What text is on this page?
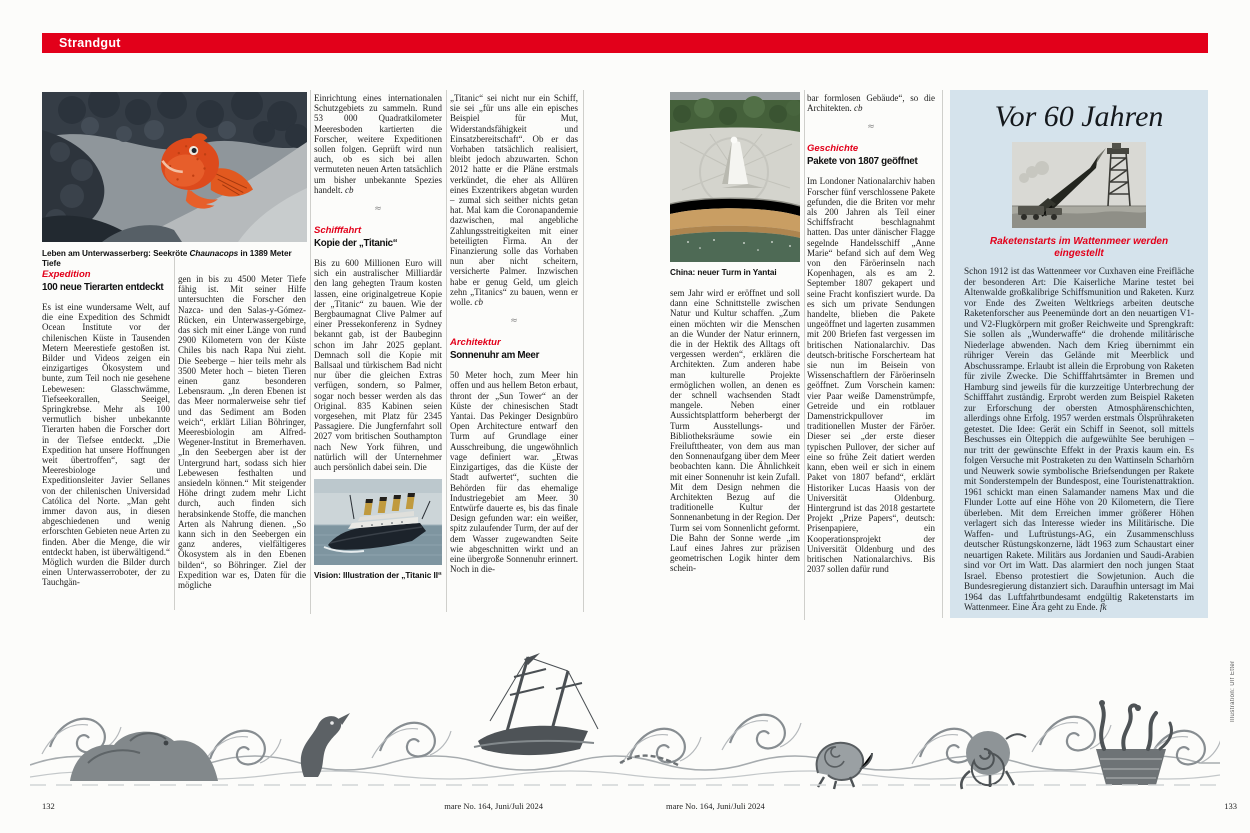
Strandgut
Leben am Unterwasserberg: Seekröte Chaunacops in 1389 Meter Tiefe
Expedition
100 neue Tierarten entdeckt
Es ist eine wundersame Welt, auf die eine Expedition des Schmidt Ocean Institute vor der chilenischen Küste in Tausenden Metern Meerestiefe gestoßen ist. Bilder und Videos zeigen ein einzigartiges Ökosystem und bunte, zum Teil noch nie gesehene Lebewesen: Glasschwämme, Tiefseekorallen, Seeigel, Springkrebse. Mehr als 100 vermutlich bisher unbekannte Tierarten haben die Forscher dort in der Tiefsee entdeckt. „Die Expedition hat unsere Hoffnungen weit übertroffen“, sagt der Meeresbiologe und Expeditionsleiter Javier Sellanes von der chilenischen Universidad Católica del Norte. „Man geht immer davon aus, in diesen abgeschiedenen und wenig erforschten Gebieten neue Arten zu finden. Aber die Menge, die wir entdeckt haben, ist überwältigend.“ Möglich wurden die Bilder durch einen Unterwasserroboter, der zu Tauchgän-
gen in bis zu 4500 Meter Tiefe fähig ist. Mit seiner Hilfe untersuchten die Forscher den Nazca- und den Salas-y-Gómez-Rücken, ein Unterwassergebirge, das sich mit einer Länge von rund 2900 Kilometern von der Küste Chiles bis nach Rapa Nui zieht. Die Seeberge – hier teils mehr als 3500 Meter hoch – bieten Tieren einen ganz besonderen Lebensraum. „In deren Ebenen ist das Meer normalerweise sehr tief und das Sediment am Boden weich“, erklärt Lilian Böhringer, Meeresbiologin am Alfred-Wegener-Institut in Bremerhaven. „In den Seebergen aber ist der Untergrund hart, sodass sich hier Lebewesen festhalten und ansiedeln können.“ Mit steigender Höhe dringt zudem mehr Licht durch, auch finden sich herabsinkende Stoffe, die manchen Arten als Nahrung dienen. „So kann sich in den Seebergen ein ganz anderes, vielfältigeres Ökosystem als in den Ebenen bilden“, so Böhringer. Ziel der Expedition war es, Daten für die mögliche
Einrichtung eines internationalen Schutzgebiets zu sammeln. Rund 53 000 Quadratkilometer Meeresboden kartierten die Forscher, weitere Expeditionen sollen folgen. Geprüft wird nun auch, ob es sich bei allen vermuteten neuen Arten tatsächlich um bisher unbekannte Spezies handelt. cb
≈
Schifffahrt
Kopie der „Titanic“
Bis zu 600 Millionen Euro will sich ein australischer Milliardär den lang gehegten Traum kosten lassen, eine originalgetreue Kopie der „Titanic“ zu bauen. Wie der Bergbaumagnat Clive Palmer auf einer Pressekonferenz in Sydney bekannt gab, ist der Baubeginn schon im Jahr 2025 geplant. Demnach soll die Kopie mit Ballsaal und türkischem Bad nicht nur über die gleichen Extras verfügen, sondern, so Palmer, sogar noch besser werden als das Original. 835 Kabinen seien vorgesehen, mit Platz für 2345 Passagiere. Die Jungfernfahrt soll 2027 vom britischen Southampton nach New York führen, und natürlich will der Unternehmer auch persönlich dabei sein. Die
Vision: Illustration der „Titanic II“
„Titanic“ sei nicht nur ein Schiff, sie sei „für uns alle ein episches Beispiel für Mut, Widerstandsfähigkeit und Einsatzbereitschaft“. Ob er das Vorhaben tatsächlich realisiert, bleibt jedoch abzuwarten. Schon 2012 hatte er die Pläne erstmals verkündet, die eher als Allüren eines Exzentrikers abgetan wurden – zumal sich seither nichts getan hat. Mal kam die Coronapandemie dazwischen, mal angebliche Zahlungsstreitigkeiten mit einer beteiligten Firma. An der Finanzierung solle das Vorhaben nun aber nicht scheitern, versicherte Palmer. Inzwischen habe er genug Geld, um gleich zehn „Titanics“ zu bauen, wenn er wolle. cb
≈
Architektur
Sonnenuhr am Meer
50 Meter hoch, zum Meer hin offen und aus hellem Beton erbaut, thront der „Sun Tower“ an der Küste der chinesischen Stadt Yantai. Das Pekinger Designbüro Open Architecture entwarf den Turm auf Grundlage einer Ausschreibung, die ungewöhnlich vage definiert war. „Etwas Einzigartiges, das die Küste der Stadt aufwertet“, suchten die Behörden für das ehemalige Industriegebiet am Meer. 30 Entwürfe dauerte es, bis das finale Design gefunden war: ein weißer, spitz zulaufender Turm, der auf der dem Wasser zugewandten Seite wie abgeschnitten wirkt und an eine übergroße Sonnenuhr erinnert. Noch in die-
China: neuer Turm in Yantai
sem Jahr wird er eröffnet und soll dann eine Schnittstelle zwischen Natur und Kultur schaffen. „Zum einen möchten wir die Menschen an die Wunder der Natur erinnern, die in der Hektik des Alltags oft vergessen werden“, erklären die Architekten. Zum anderen habe man kulturelle Projekte ermöglichen wollen, an denen es der schnell wachsenden Stadt mangele. Neben einer Aussichtsplattform beherbergt der Turm Ausstellungs- und Bibliotheksräume sowie ein Freilufttheater, von dem aus man den Sonnenaufgang über dem Meer beobachten kann. Die Ähnlichkeit mit einer Sonnenuhr ist kein Zufall. Mit dem Design nehmen die Architekten Bezug auf die traditionelle Kultur der Sonnenanbetung in der Region. Der Turm sei vom Sonnenlicht geformt. Die Bahn der Sonne werde „im Lauf eines Jahres zur präzisen geometrischen Logik hinter dem schein-
bar formlosen Gebäude“, so die Architekten. cb
≈
Geschichte
Pakete von 1807 geöffnet
Im Londoner Nationalarchiv haben Forscher fünf verschlossene Pakete gefunden, die die Briten vor mehr als 200 Jahren als Teil einer Schiffsfracht beschlagnahmt hatten. Das unter dänischer Flagge segelnde Handelsschiff „Anne Marie“ befand sich auf dem Weg von den Färöerinseln nach Kopenhagen, als es am 2. September 1807 gekapert und seine Fracht konfisziert wurde. Da es sich um private Sendungen handelte, blieben die Pakete ungeöffnet und lagerten zusammen mit 200 Briefen fast vergessen im britischen Nationalarchiv. Das deutsch-britische Forscherteam hat sie nun im Beisein von Wissenschaftlern der Färöerinseln geöffnet. Zum Vorschein kamen: vier Paar weiße Damenstrümpfe, Getreide und ein rotblauer Damenstrickpullover im traditionellen Muster der Färöer. Dieser sei „der erste dieser typischen Pullover, der sicher auf eine so frühe Zeit datiert werden kann, eben weil er sich in einem Paket von 1807 befand“, erklärt Historiker Lucas Haasis von der Universität Oldenburg. Hintergrund ist das 2018 gestartete Projekt „Prize Papers“, deutsch: Prisenpapiere, ein Kooperationsprojekt der Universität Oldenburg und des britischen Nationalarchivs. Bis 2037 sollen dafür rund
Vor 60 Jahren
Raketenstarts im Wattenmeer werden eingestellt
Schon 1912 ist das Wattenmeer vor Cuxhaven eine Freifläche der besonderen Art: Die Kaiserliche Marine testet bei Altenwalde großkalibrige Schiffsmunition und Raketen. Kurz vor Ende des Zweiten Weltkriegs arbeiten deutsche Raketenforscher aus Peenemünde dort an den neuartigen V1- und V2-Flugkörpern mit großer Reichweite und Sprengkraft: Sie sollen als „Wunderwaffe“ die drohende militärische Niederlage abwenden. Nach dem Krieg übernimmt ein rühriger Verein das Gelände mit Meerblick und Abschussrampe. Erlaubt ist allein die Erprobung von Raketen für zivile Zwecke. Die Schifffahrtsämter in Bremen und Hamburg sind jeweils für die kurzzeitige Unterbrechung der Schifffahrt zuständig. Erprobt werden zum Beispiel Raketen zur Erforschung der obersten Atmosphärenschichten, allerdings ohne Erfolg. 1957 werden erstmals Ölsprühraketen getestet. Die Idee: Gerät ein Schiff in Seenot, soll mittels Beschusses ein Ölteppich die aufgewühlte See beruhigen – nur tritt der gewünschte Effekt in der Praxis kaum ein. Es folgen Versuche mit Postraketen zu den Wattinseln Scharhörn und Neuwerk sowie symbolische Briefsendungen per Rakete mit Sonderstempeln der Bundespost, eine Touristenattraktion. 1961 schickt man einen Salamander namens Max und die Flunder Lotte auf eine Höhe von 20 Kilometern, die Tiere überleben. Mit dem Erreichen immer größerer Höhen verlagert sich das Interesse wieder ins Militärische. Die Waffen- und Luftrüstungs-AG, ein Zusammenschluss deutscher Rüstungskonzerne, lädt 1963 zum Schaustart einer neuartigen Rakete. Militärs aus Jordanien und Saudi-Arabien sind vor Ort im Watt. Das alarmiert den noch jungen Staat Israel. Ebenso protestiert die Sowjetunion. Auch die Bundesregierung distanziert sich. Daraufhin untersagt im Mai 1964 das Luftfahrtbundesamt endgültig Raketenstarts im Wattenmeer. Eine Ära geht zu Ende. fk
Illustration: Ulf Etter
132	mare No. 164, Juni/Juli 2024	mare No. 164, Juni/Juli 2024	133
